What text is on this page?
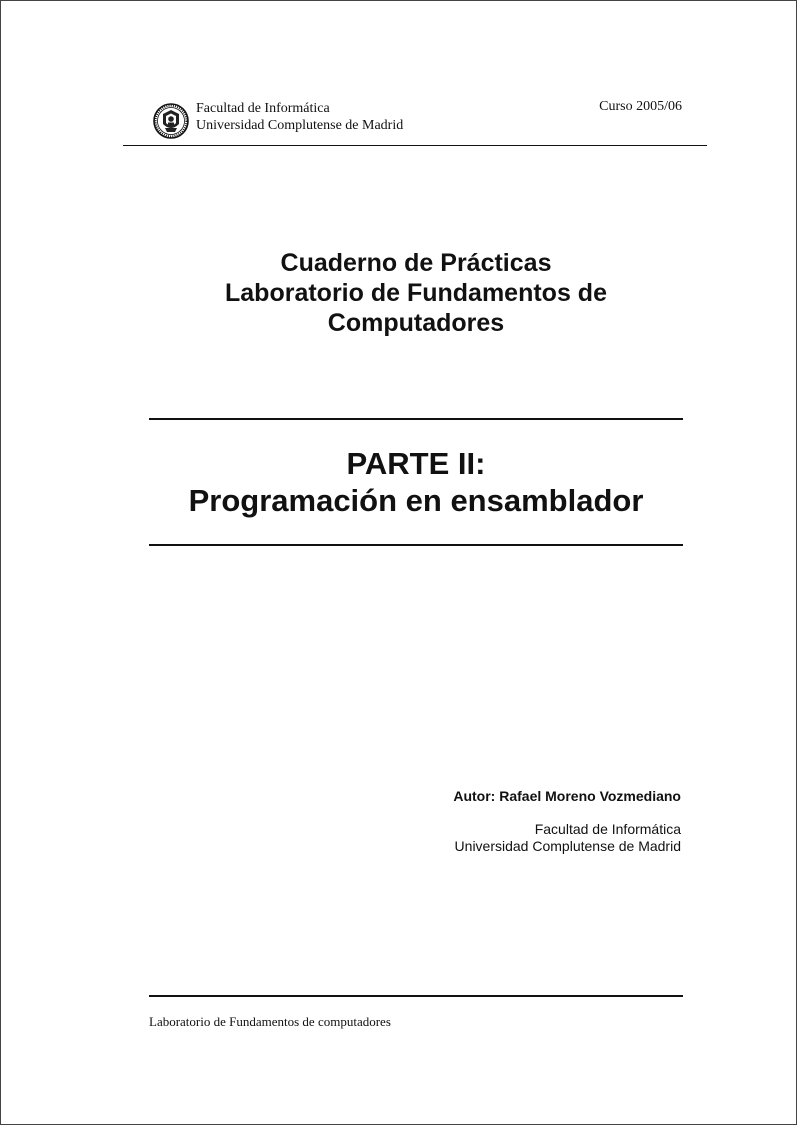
Facultad de Informática
Universidad Complutense de Madrid
Curso 2005/06
Cuaderno de Prácticas
Laboratorio de Fundamentos de
Computadores
PARTE II:
Programación en ensamblador
Autor: Rafael Moreno Vozmediano
Facultad de Informática
Universidad Complutense de Madrid
Laboratorio de Fundamentos de computadores
